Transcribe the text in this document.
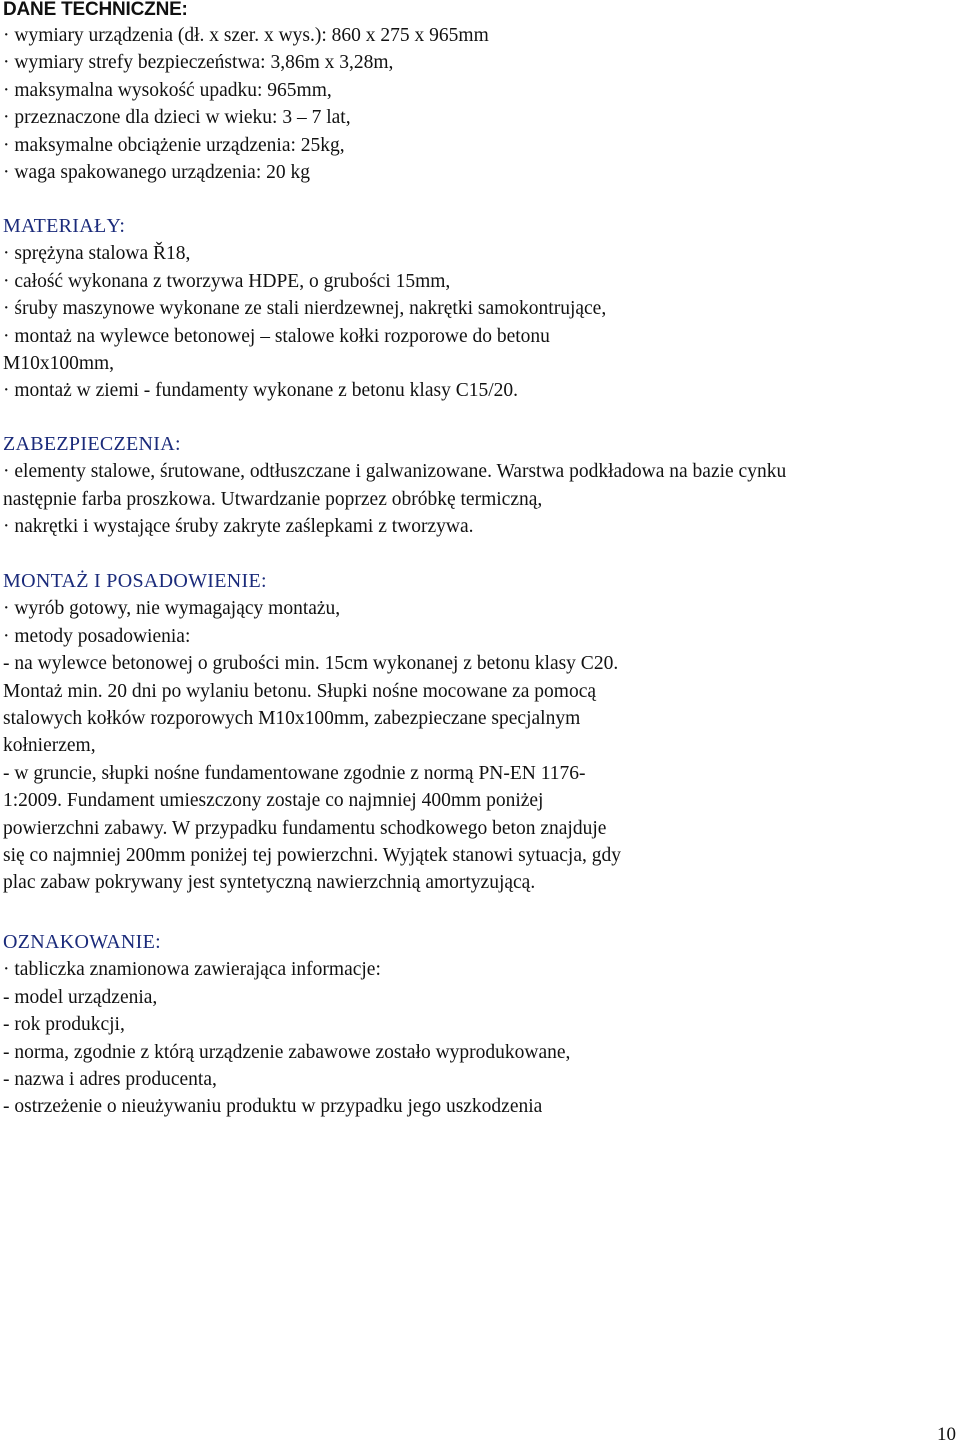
DANE TECHNICZNE:
· wymiary urządzenia (dł. x szer. x wys.): 860 x 275 x 965mm
· wymiary strefy bezpieczeństwa: 3,86m x 3,28m,
· maksymalna wysokość upadku: 965mm,
· przeznaczone dla dzieci w wieku: 3 – 7 lat,
· maksymalne obciążenie urządzenia: 25kg,
· waga spakowanego urządzenia: 20 kg
MATERIAŁY:
· sprężyna stalowa Ř18,
· całość wykonana z tworzywa HDPE, o grubości 15mm,
· śruby maszynowe wykonane ze stali nierdzewnej, nakrętki samokontrujące,
· montaż na wylewce betonowej – stalowe kołki rozporowe do betonu
M10x100mm,
· montaż w ziemi - fundamenty wykonane z betonu klasy C15/20.
ZABEZPIECZENIA:
· elementy stalowe, śrutowane, odtłuszczane i galwanizowane. Warstwa podkładowa na bazie cynku
następnie farba proszkowa. Utwardzanie poprzez obróbkę termiczną,
· nakrętki i wystające śruby zakryte zaślepkami z tworzywa.
MONTAŻ I POSADOWIENIE:
· wyrób gotowy, nie wymagający montażu,
· metody posadowienia:
- na wylewce betonowej o grubości min. 15cm wykonanej z betonu klasy C20.
Montaż min. 20 dni po wylaniu betonu. Słupki nośne mocowane za pomocą
stalowych kołków rozporowych M10x100mm, zabezpieczane specjalnym
kołnierzem,
- w gruncie, słupki nośne fundamentowane zgodnie z normą PN-EN 1176-
1:2009. Fundament umieszczony zostaje co najmniej 400mm poniżej
powierzchni zabawy. W przypadku fundamentu schodkowego beton znajduje
się co najmniej 200mm poniżej tej powierzchni. Wyjątek stanowi sytuacja, gdy
plac zabaw pokrywany jest syntetyczną nawierzchnią amortyzującą.
OZNAKOWANIE:
· tabliczka znamionowa zawierająca informacje:
- model urządzenia,
- rok produkcji,
- norma, zgodnie z którą urządzenie zabawowe zostało wyprodukowane,
- nazwa i adres producenta,
- ostrzeżenie o nieużywaniu produktu w przypadku jego uszkodzenia
10
